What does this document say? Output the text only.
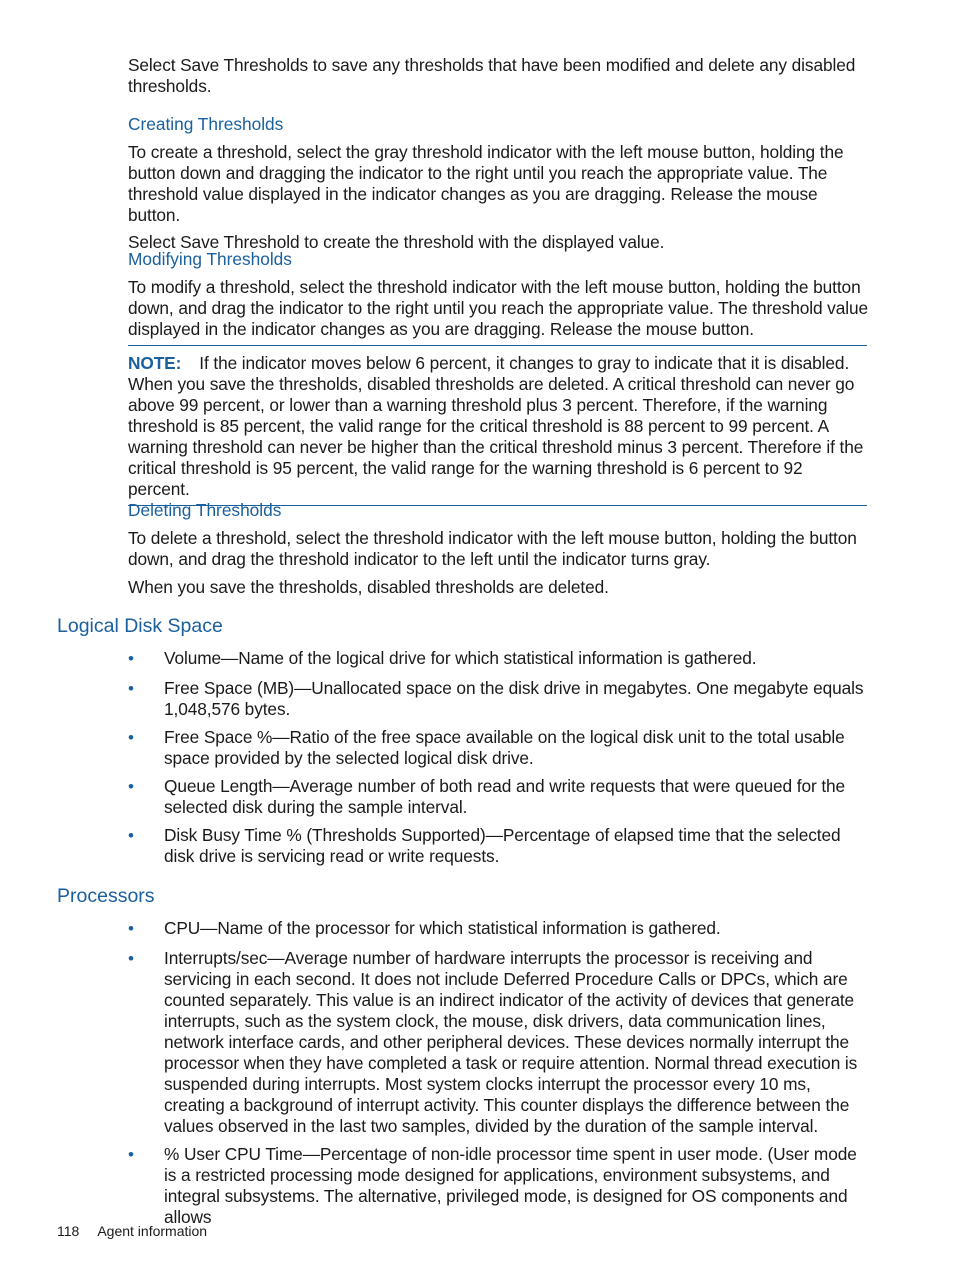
Select Save Thresholds to save any thresholds that have been modified and delete any disabled thresholds.

Creating Thresholds

To create a threshold, select the gray threshold indicator with the left mouse button, holding the button down and dragging the indicator to the right until you reach the appropriate value. The threshold value displayed in the indicator changes as you are dragging. Release the mouse button.

Select Save Threshold to create the threshold with the displayed value.

Modifying Thresholds

To modify a threshold, select the threshold indicator with the left mouse button, holding the button down, and drag the indicator to the right until you reach the appropriate value. The threshold value displayed in the indicator changes as you are dragging. Release the mouse button.

NOTE: If the indicator moves below 6 percent, it changes to gray to indicate that it is disabled. When you save the thresholds, disabled thresholds are deleted. A critical threshold can never go above 99 percent, or lower than a warning threshold plus 3 percent. Therefore, if the warning threshold is 85 percent, the valid range for the critical threshold is 88 percent to 99 percent. A warning threshold can never be higher than the critical threshold minus 3 percent. Therefore if the critical threshold is 95 percent, the valid range for the warning threshold is 6 percent to 92 percent.

Deleting Thresholds

To delete a threshold, select the threshold indicator with the left mouse button, holding the button down, and drag the threshold indicator to the left until the indicator turns gray.

When you save the thresholds, disabled thresholds are deleted.

Logical Disk Space

• Volume—Name of the logical drive for which statistical information is gathered.
• Free Space (MB)—Unallocated space on the disk drive in megabytes. One megabyte equals 1,048,576 bytes.
• Free Space %—Ratio of the free space available on the logical disk unit to the total usable space provided by the selected logical disk drive.
• Queue Length—Average number of both read and write requests that were queued for the selected disk during the sample interval.
• Disk Busy Time % (Thresholds Supported)—Percentage of elapsed time that the selected disk drive is servicing read or write requests.

Processors

• CPU—Name of the processor for which statistical information is gathered.
• Interrupts/sec—Average number of hardware interrupts the processor is receiving and servicing in each second. It does not include Deferred Procedure Calls or DPCs, which are counted separately. This value is an indirect indicator of the activity of devices that generate interrupts, such as the system clock, the mouse, disk drivers, data communication lines, network interface cards, and other peripheral devices. These devices normally interrupt the processor when they have completed a task or require attention. Normal thread execution is suspended during interrupts. Most system clocks interrupt the processor every 10 ms, creating a background of interrupt activity. This counter displays the difference between the values observed in the last two samples, divided by the duration of the sample interval.
• % User CPU Time—Percentage of non-idle processor time spent in user mode. (User mode is a restricted processing mode designed for applications, environment subsystems, and integral subsystems. The alternative, privileged mode, is designed for OS components and allows
118 Agent information
